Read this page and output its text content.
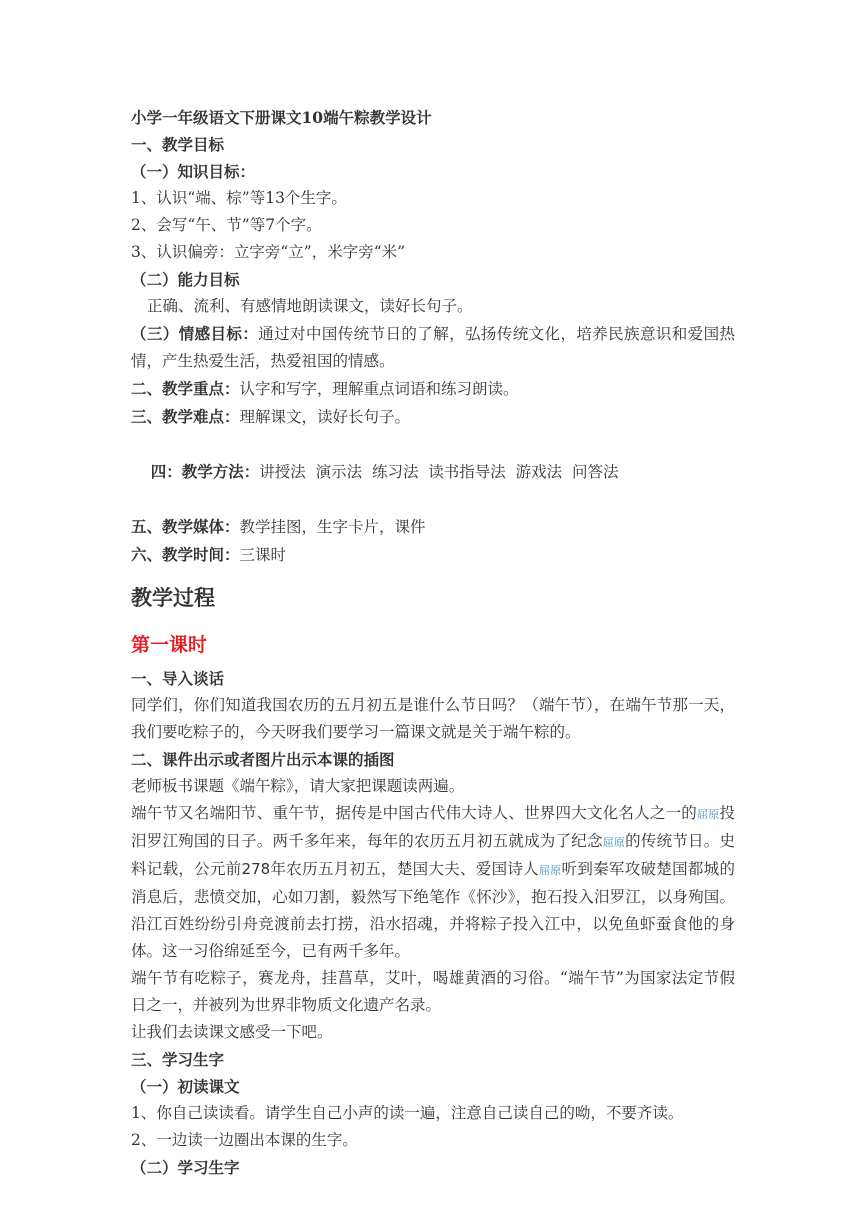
小学一年级语文下册课文10端午粽教学设计
一、教学目标
（一）知识目标：
1、认识“端、棕”等13个生字。
2、会写“午、节”等7个字。
3、认识偏旁：立字旁“立”，米字旁“米”
（二）能力目标
正确、流利、有感情地朗读课文，读好长句子。

（三）情感目标：通过对中国传统节日的了解，弘扬传统文化，培养民族意识和爱国热情，产生热爱生活，热爱祖国的情感。

二、教学重点：认字和写字，理解重点词语和练习朗读。
三、教学难点：理解课文，读好长句子。

四：教学方法：讲授法  演示法  练习法  读书指导法  游戏法  问答法

五、教学媒体：教学挂图，生字卡片，课件
六、教学时间：三课时
教学过程
第一课时
一、导入谈话

同学们，你们知道我国农历的五月初五是谁什么节日吗？（端午节），在端午节那一天，我们要吃粽子的，今天呀我们要学习一篇课文就是关于端午粽的。

二、课件出示或者图片出示本课的插图
老师板书课题《端午粽》，请大家把课题读两遍。

端午节又名端阳节、重午节，据传是中国古代伟大诗人、世界四大文化名人之一的屈原投汨罗江殉国的日子。两千多年来，每年的农历五月初五就成为了纪念屈原的传统节日。史料记载，公元前278年农历五月初五，楚国大夫、爱国诗人屈原听到秦军攻破楚国都城的消息后，悲愤交加，心如刀割，毅然写下绝笔作《怀沙》，抱石投入汨罗江，以身殉国。沿江百姓纷纷引舟竞渡前去打捞，沿水招魂，并将粽子投入江中，以免鱼虾蚕食他的身体。这一习俗绵延至今，已有两千多年。

端午节有吃粽子，赛龙舟，挂菖草，艾叶，喝雄黄酒的习俗。“端午节”为国家法定节假日之一，并被列为世界非物质文化遗产名录。

让我们去读课文感受一下吧。
三、学习生字
（一）初读课文
1、你自己读读看。请学生自己小声的读一遍，注意自己读自己的呦，不要齐读。
2、一边读一边圈出本课的生字。
（二）学习生字
